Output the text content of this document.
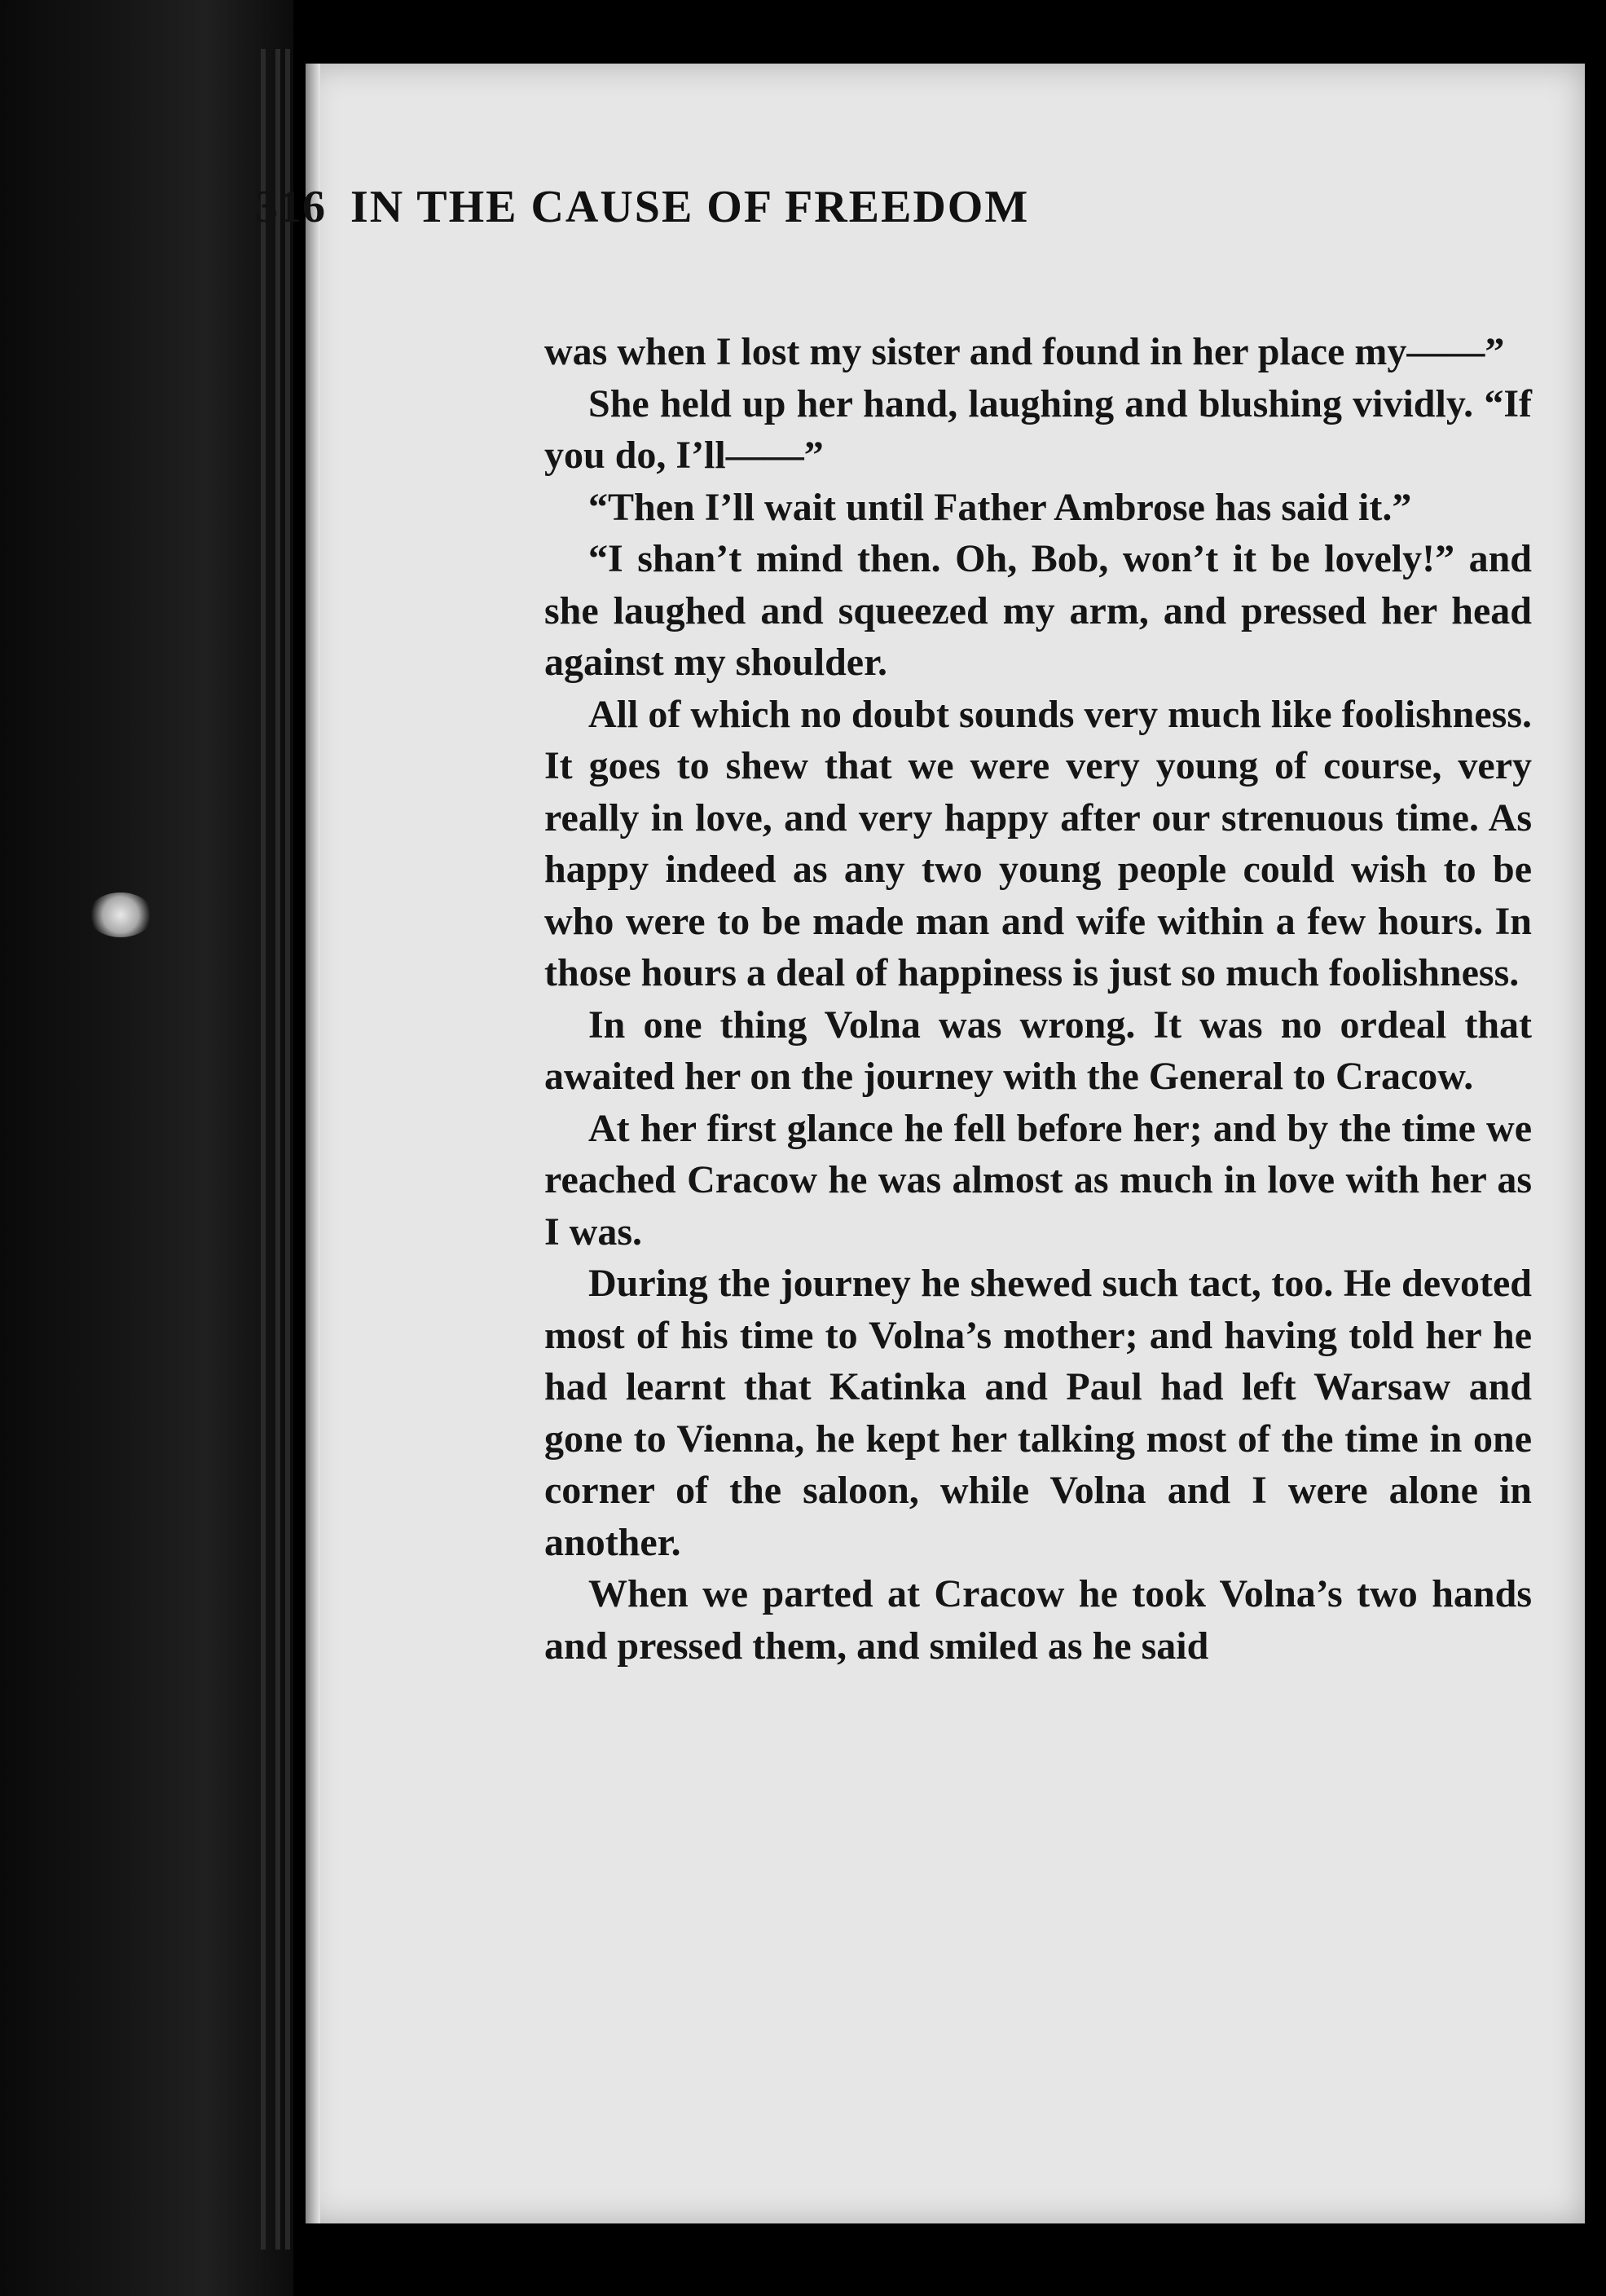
316 IN THE CAUSE OF FREEDOM

was when I lost my sister and found in her place my——”

She held up her hand, laughing and blushing vividly. “If you do, I’ll——”

“Then I’ll wait until Father Ambrose has said it.”

“I shan’t mind then. Oh, Bob, won’t it be lovely!” and she laughed and squeezed my arm, and pressed her head against my shoulder.

All of which no doubt sounds very much like foolishness. It goes to shew that we were very young of course, very really in love, and very happy after our strenuous time. As happy indeed as any two young people could wish to be who were to be made man and wife within a few hours. In those hours a deal of happiness is just so much foolishness.

In one thing Volna was wrong. It was no ordeal that awaited her on the journey with the General to Cracow.

At her first glance he fell before her; and by the time we reached Cracow he was almost as much in love with her as I was.

During the journey he shewed such tact, too. He devoted most of his time to Volna’s mother; and having told her he had learnt that Katinka and Paul had left Warsaw and gone to Vienna, he kept her talking most of the time in one corner of the saloon, while Volna and I were alone in another.

When we parted at Cracow he took Volna’s two hands and pressed them, and smiled as he said
